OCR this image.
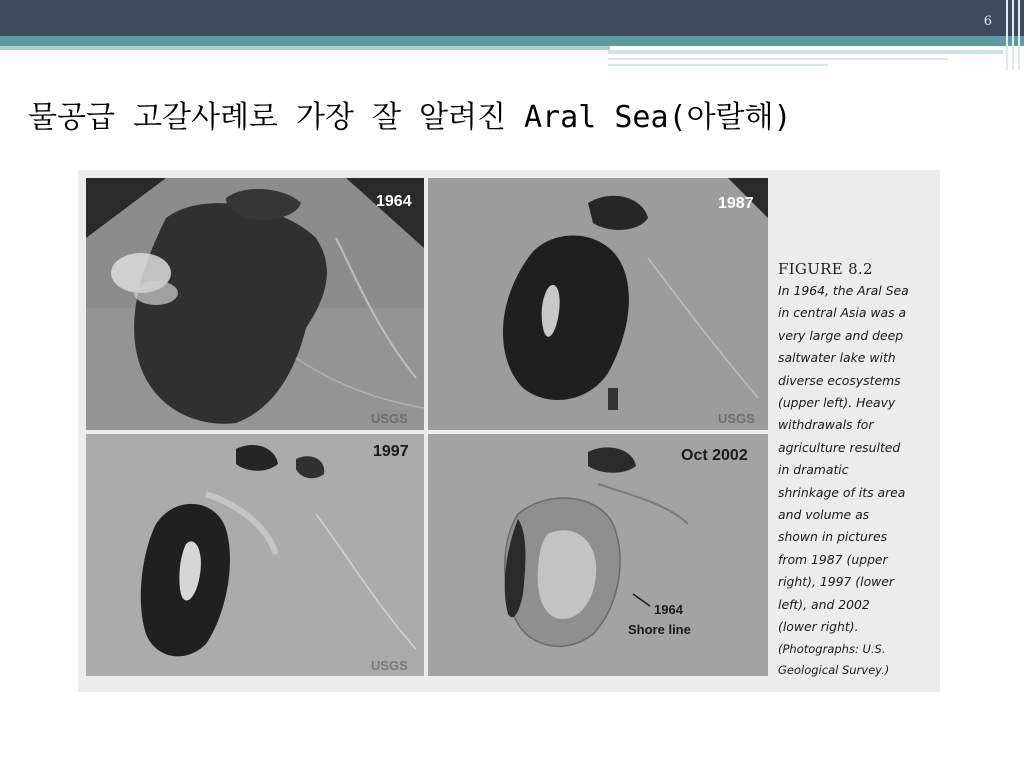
6
물공급 고갈사례로 가장 잘 알려진 Aral Sea(아랄해)
1964
USGS
1987
USGS
1997
USGS
Oct 2002
1964
Shore line
FIGURE 8.2
In 1964, the Aral Sea
in central Asia was a
very large and deep
saltwater lake with
diverse ecosystems
(upper left). Heavy
withdrawals for
agriculture resulted
in dramatic
shrinkage of its area
and volume as
shown in pictures
from 1987 (upper
right), 1997 (lower
left), and 2002
(lower right).
(Photographs: U.S.
Geological Survey.)
